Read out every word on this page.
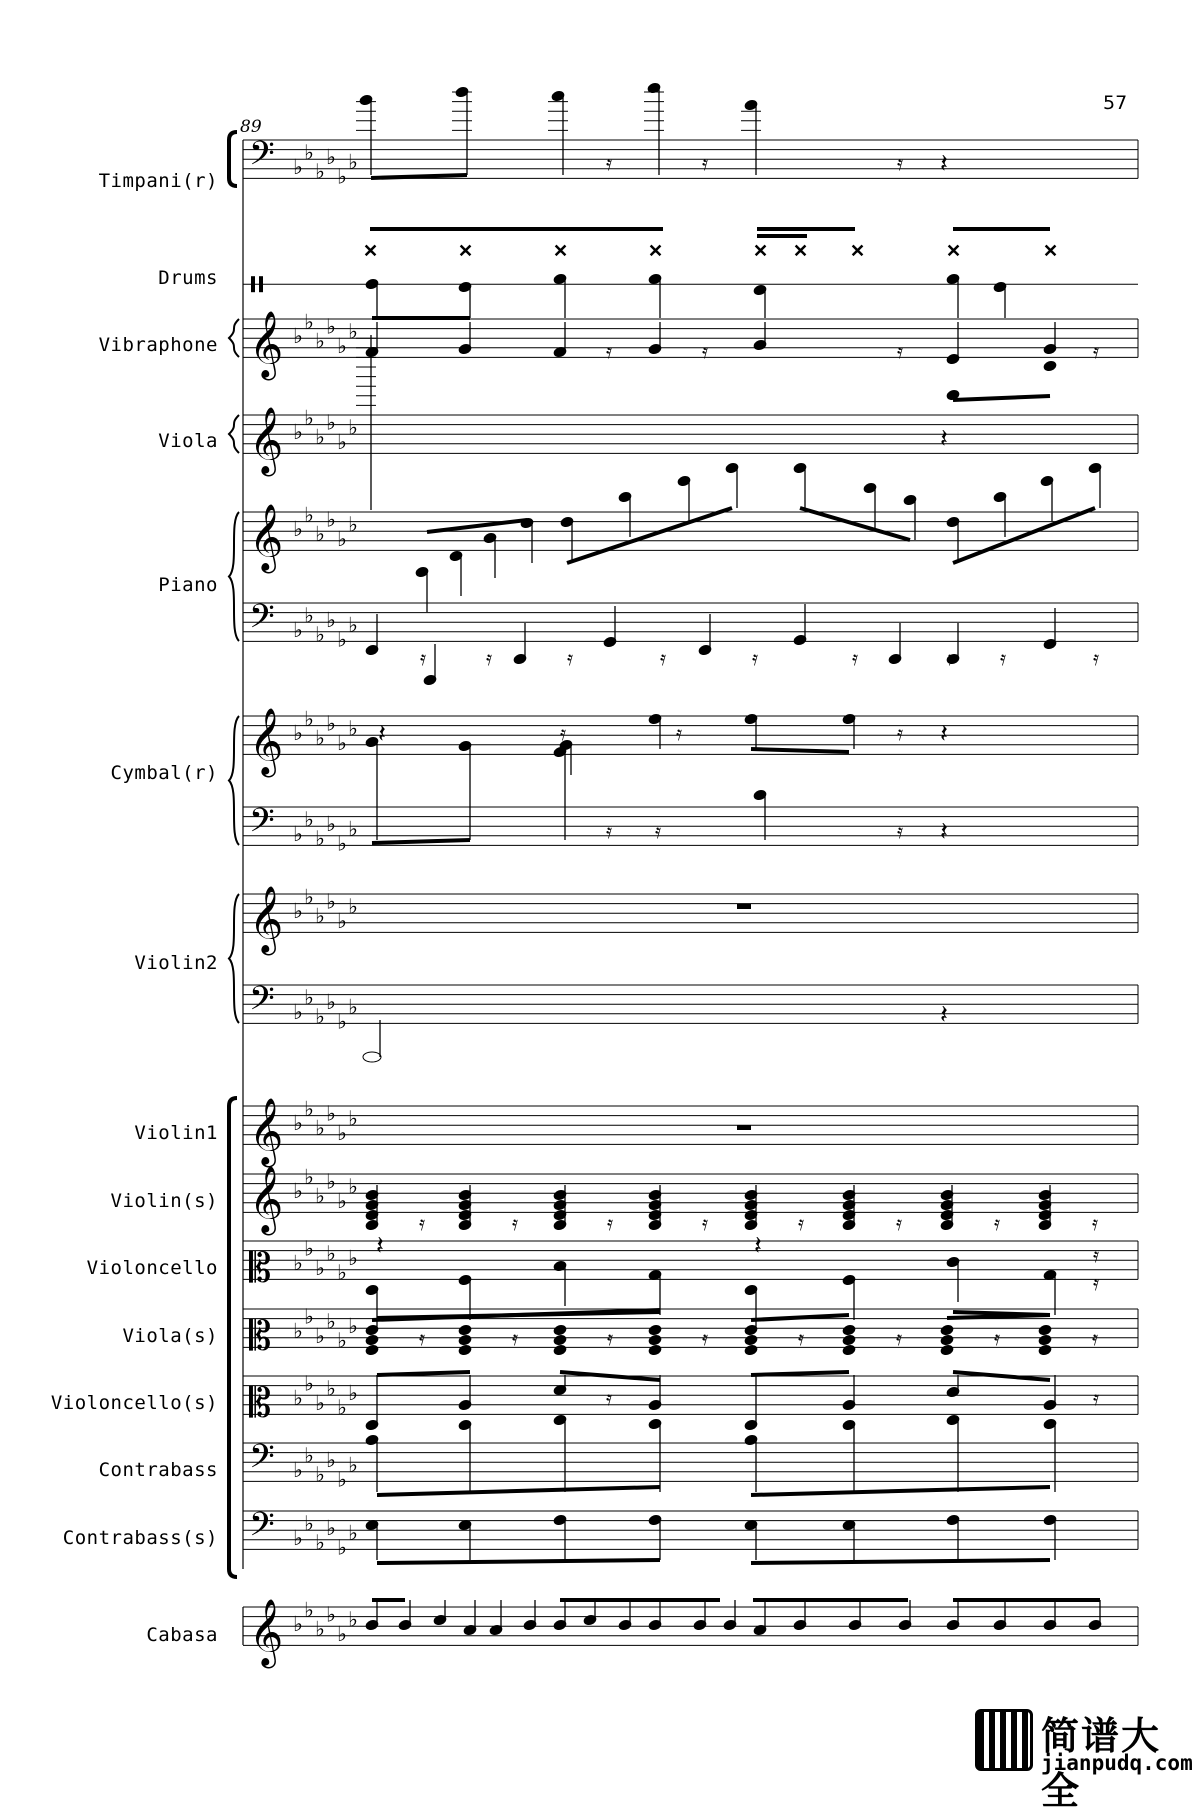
𝄢
𝄞
𝄞
𝄞
𝄢
𝄞
𝄢
𝄞
𝄢
𝄞
𝄞
𝄡
𝄡
𝄡
𝄢
𝄢
𝄞
♭
♭
♭
♭
♭
♭
♭
♭
♭
♭
♭
♭
♭
♭
♭
♭
♭
♭
♭
♭
♭
♭
♭
♭
♭
♭
♭
♭
♭
♭
♭
♭
♭
♭
♭
♭
♭
♭
♭
♭
♭
♭
♭
♭
♭
♭
♭
♭
♭
♭
♭
♭
♭
♭
♭
♭
♭
♭
♭
♭
♭
♭
♭
♭
♭
♭
♭
♭
♭
♭
♭
♭
♭
♭
♭
♭
♭
♭
♭
♭
♭
♭
♭
♭
♭
♭
♭
♭
♭
♭
♭
♭
♭
♭
♭
♭
♭
♭
♭
♭
♭
♭
×	×	×	×	× × ×	×	×
𝄿	𝄿	𝄿 𝄽
𝄿	𝄿	𝄿	𝄿
𝄽
𝄿	𝄿	𝄿	𝄿	𝄿	𝄿	𝄿 𝄿	𝄿
𝄽	𝄿	𝄿	𝄿 𝄽
𝄿 𝄿	𝄿 𝄽
𝄽
𝄿	𝄿	𝄿	𝄿	𝄿	𝄿	𝄿	𝄿
𝄽	𝄽	𝄿
𝄿
𝄿	𝄿	𝄿	𝄿	𝄿	𝄿	𝄿	𝄿
𝄿	𝄿
57
89
Timpani(r)
Drums
Vibraphone
Viola
Piano
Cymbal(r)
Violin2
Violin1
Violin(s)
Violoncello
Viola(s)
Violoncello(s)
Contrabass
Contrabass(s)
Cabasa
简谱大全
jianpudq.com
